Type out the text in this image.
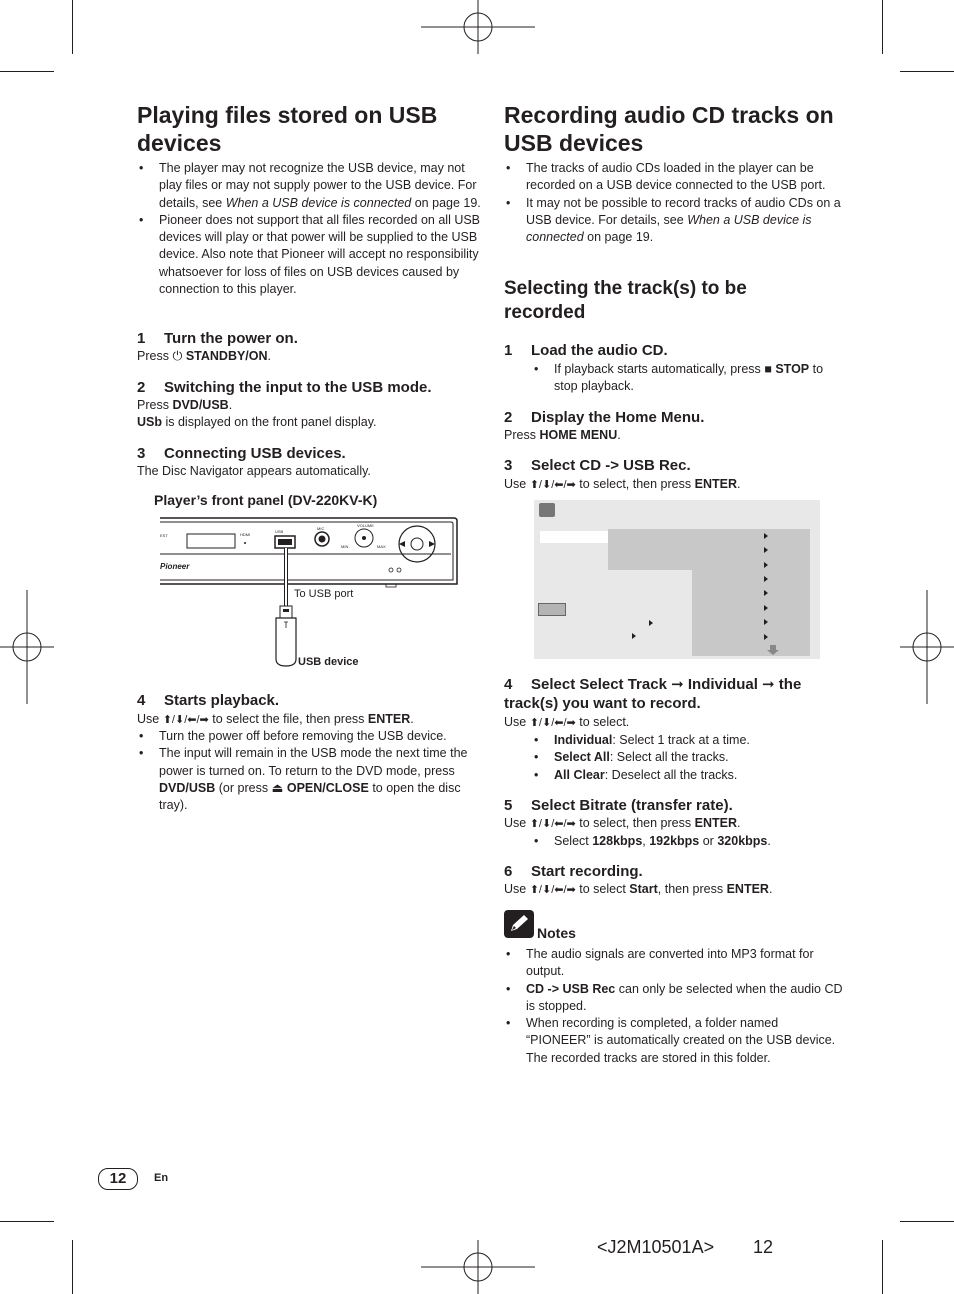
Playing files stored on USB devices
• The player may not recognize the USB device, may not play files or may not supply power to the USB device. For details, see When a USB device is connected on page 19.
• Pioneer does not support that all files recorded on all USB devices will play or that power will be supplied to the USB device. Also note that Pioneer will accept no responsibility whatsoever for loss of files on USB devices caused by connection to this player.
1 Turn the power on.
Press ⏻ STANDBY/ON.
2 Switching the input to the USB mode.
Press DVD/USB.
USb is displayed on the front panel display.
3 Connecting USB devices.
The Disc Navigator appears automatically.
Player’s front panel (DV-220KV-K)
EST	HDMI
USB
MIC
VOLUME
MIN	MAX
Pioneer
To USB port
USB device
4 Starts playback.
Use ⬆/⬇/⬅/➡ to select the file, then press ENTER.
• Turn the power off before removing the USB device.
• The input will remain in the USB mode the next time the power is turned on. To return to the DVD mode, press DVD/USB (or press ⏏ OPEN/CLOSE to open the disc tray).
Recording audio CD tracks on USB devices
• The tracks of audio CDs loaded in the player can be recorded on a USB device connected to the USB port.
• It may not be possible to record tracks of audio CDs on a USB device. For details, see When a USB device is connected on page 19.
Selecting the track(s) to be recorded
1 Load the audio CD.
• If playback starts automatically, press ■ STOP to stop playback.
2 Display the Home Menu.
Press HOME MENU.
3 Select CD -> USB Rec.
Use ⬆/⬇/⬅/➡ to select, then press ENTER.
4 Select Select Track ➞ Individual ➞ the track(s) you want to record.
Use ⬆/⬇/⬅/➡ to select.
• Individual: Select 1 track at a time.
• Select All: Select all the tracks.
• All Clear: Deselect all the tracks.
5 Select Bitrate (transfer rate).
Use ⬆/⬇/⬅/➡ to select, then press ENTER.
• Select 128kbps, 192kbps or 320kbps.
6 Start recording.
Use ⬆/⬇/⬅/➡ to select Start, then press ENTER.
Notes
• The audio signals are converted into MP3 format for output.
• CD -> USB Rec can only be selected when the audio CD is stopped.
• When recording is completed, a folder named “PIONEER” is automatically created on the USB device. The recorded tracks are stored in this folder.
12	En
<J2M10501A> 12
